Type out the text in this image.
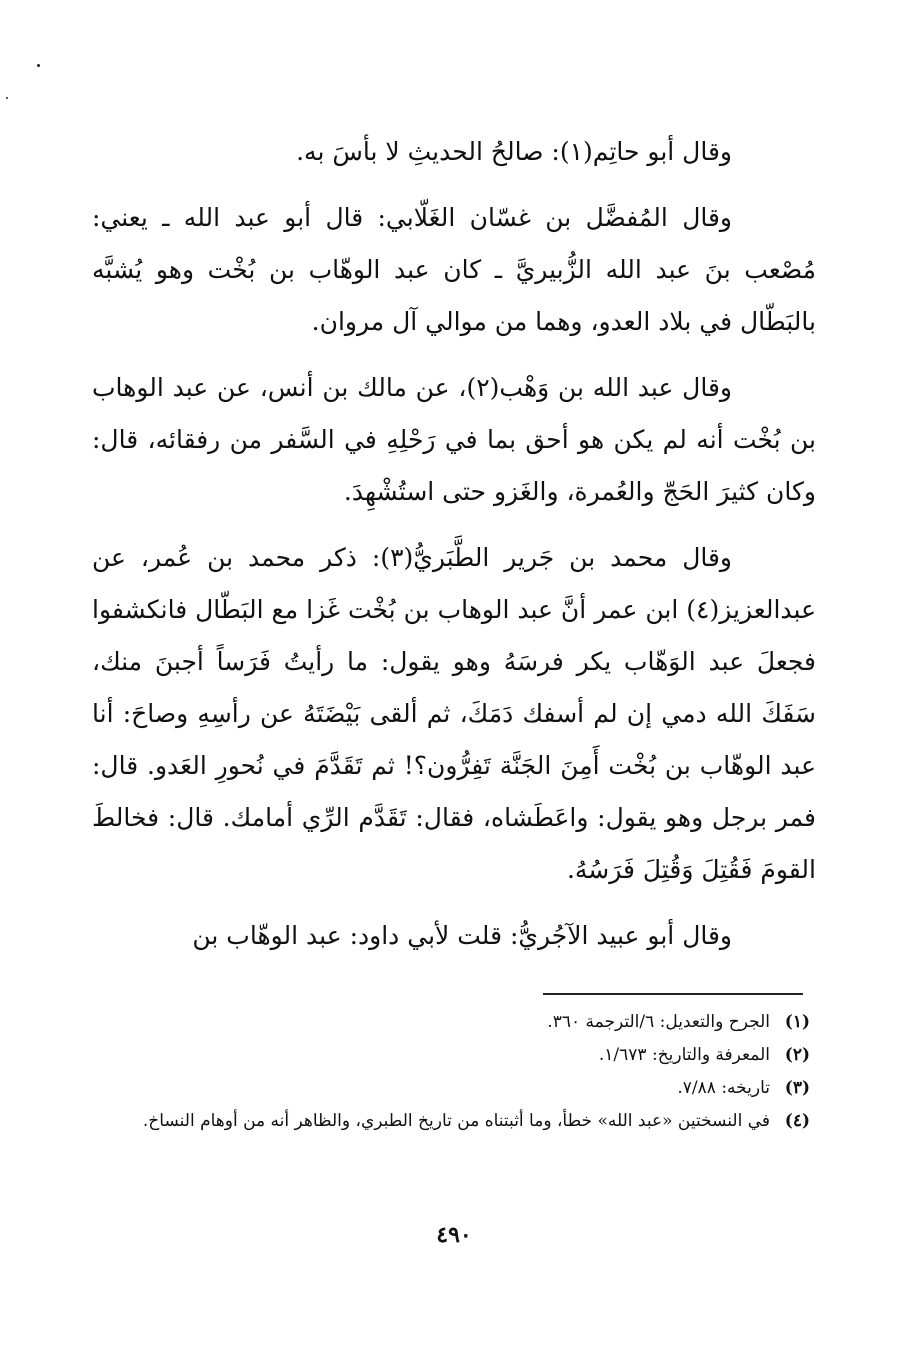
وقال أبو حاتِم(١): صالحُ الحديثِ لا بأسَ به.

وقال المُفضَّل بن غسّان الغَلّابي: قال أبو عبد الله ـ يعني: مُصْعب بنَ عبد الله الزُّبيريَّ ـ كان عبد الوهّاب بن بُخْت وهو يُشبَّه بالبَطّال في بلاد العدو، وهما من موالي آل مروان.

وقال عبد الله بن وَهْب(٢)، عن مالك بن أنس، عن عبد الوهاب بن بُخْت أنه لم يكن هو أحق بما في رَحْلِهِ في السَّفر من رفقائه، قال: وكان كثيرَ الحَجّ والعُمرة، والغَزو حتى استُشْهِدَ.

وقال محمد بن جَرير الطَّبَريُّ(٣): ذكر محمد بن عُمر، عن عبدالعزيز(٤) ابن عمر أنَّ عبد الوهاب بن بُخْت غَزا مع البَطّال فانكشفوا فجعلَ عبد الوَهّاب يكر فرسَهُ وهو يقول: ما رأيتُ فَرَساً أجبنَ منك، سَفَكَ الله دمي إن لم أسفك دَمَكَ، ثم ألقى بَيْضَتَهُ عن رأسِهِ وصاحَ: أنا عبد الوهّاب بن بُخْت أَمِنَ الجَنَّة تَفِرُّون؟! ثم تَقَدَّمَ في نُحورِ العَدو. قال: فمر برجل وهو يقول: واعَطَشاه، فقال: تَقَدَّم الرِّي أمامك. قال: فخالطَ القومَ فَقُتِلَ وَقُتِلَ فَرَسُهُ.

وقال أبو عبيد الآجُريُّ: قلت لأبي داود: عبد الوهّاب بن

(١)
الجرح والتعديل: ٦/الترجمة ٣٦٠.
(٢)
المعرفة والتاريخ: ١/٦٧٣.
(٣)
تاريخه: ٧/٨٨.
(٤)
في النسختين «عبد الله» خطأ، وما أثبتناه من تاريخ الطبري، والظاهر أنه من أوهام النساخ.
٤٩٠
